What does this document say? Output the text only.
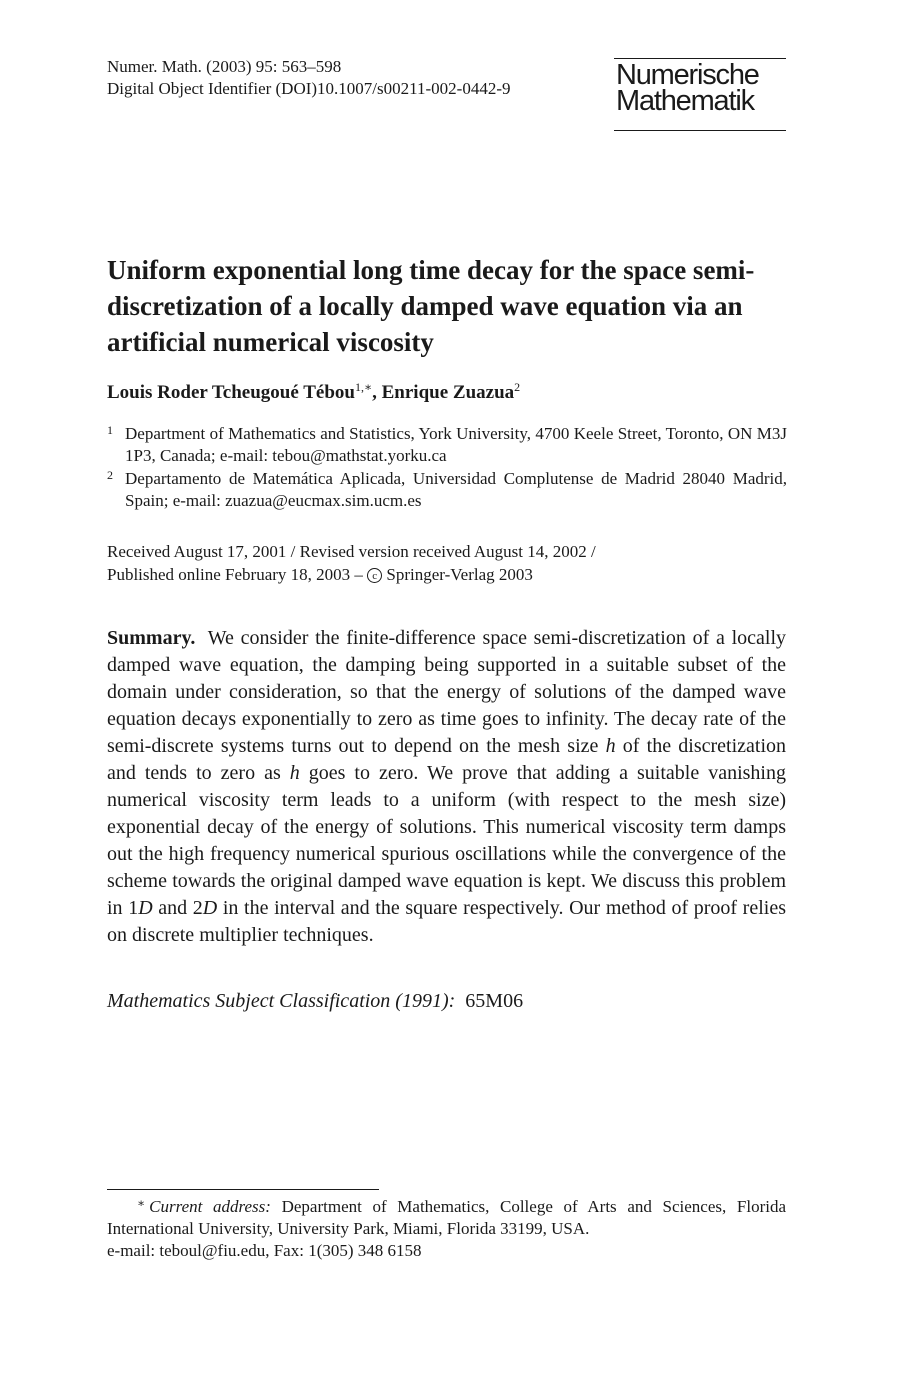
Numer. Math. (2003) 95: 563–598
Digital Object Identifier (DOI)10.1007/s00211-002-0442-9	Numerische
Mathematik
Uniform exponential long time decay for the space semi-discretization of a locally damped wave equation via an artificial numerical viscosity
Louis Roder Tcheugoué Tébou$^{1,∗}$, Enrique Zuazua$^2$
1 Department of Mathematics and Statistics, York University, 4700 Keele Street, Toronto, ON M3J 1P3, Canada; e-mail: tebou@mathstat.yorku.ca
2 Departamento de Matemática Aplicada, Universidad Complutense de Madrid 28040 Madrid, Spain; e-mail: zuazua@eucmax.sim.ucm.es
Received August 17, 2001 / Revised version received August 14, 2002 /
Published online February 18, 2003 – c Springer-Verlag 2003
Summary. We consider the finite-difference space semi-discretization of a locally damped wave equation, the damping being supported in a suitable subset of the domain under consideration, so that the energy of solutions of the damped wave equation decays exponentially to zero as time goes to infinity. The decay rate of the semi-discrete systems turns out to depend on the mesh size h of the discretization and tends to zero as h goes to zero. We prove that adding a suitable vanishing numerical viscosity term leads to a uniform (with respect to the mesh size) exponential decay of the energy of solutions. This numerical viscosity term damps out the high frequency numerical spurious oscillations while the convergence of the scheme towards the original damped wave equation is kept. We discuss this problem in 1D and 2D in the interval and the square respectively. Our method of proof relies on discrete multiplier techniques.
Mathematics Subject Classification (1991): 65M06
∗ Current address: Department of Mathematics, College of Arts and Sciences, Florida International University, University Park, Miami, Florida 33199, USA.
e-mail: teboul@fiu.edu, Fax: 1(305) 348 6158
